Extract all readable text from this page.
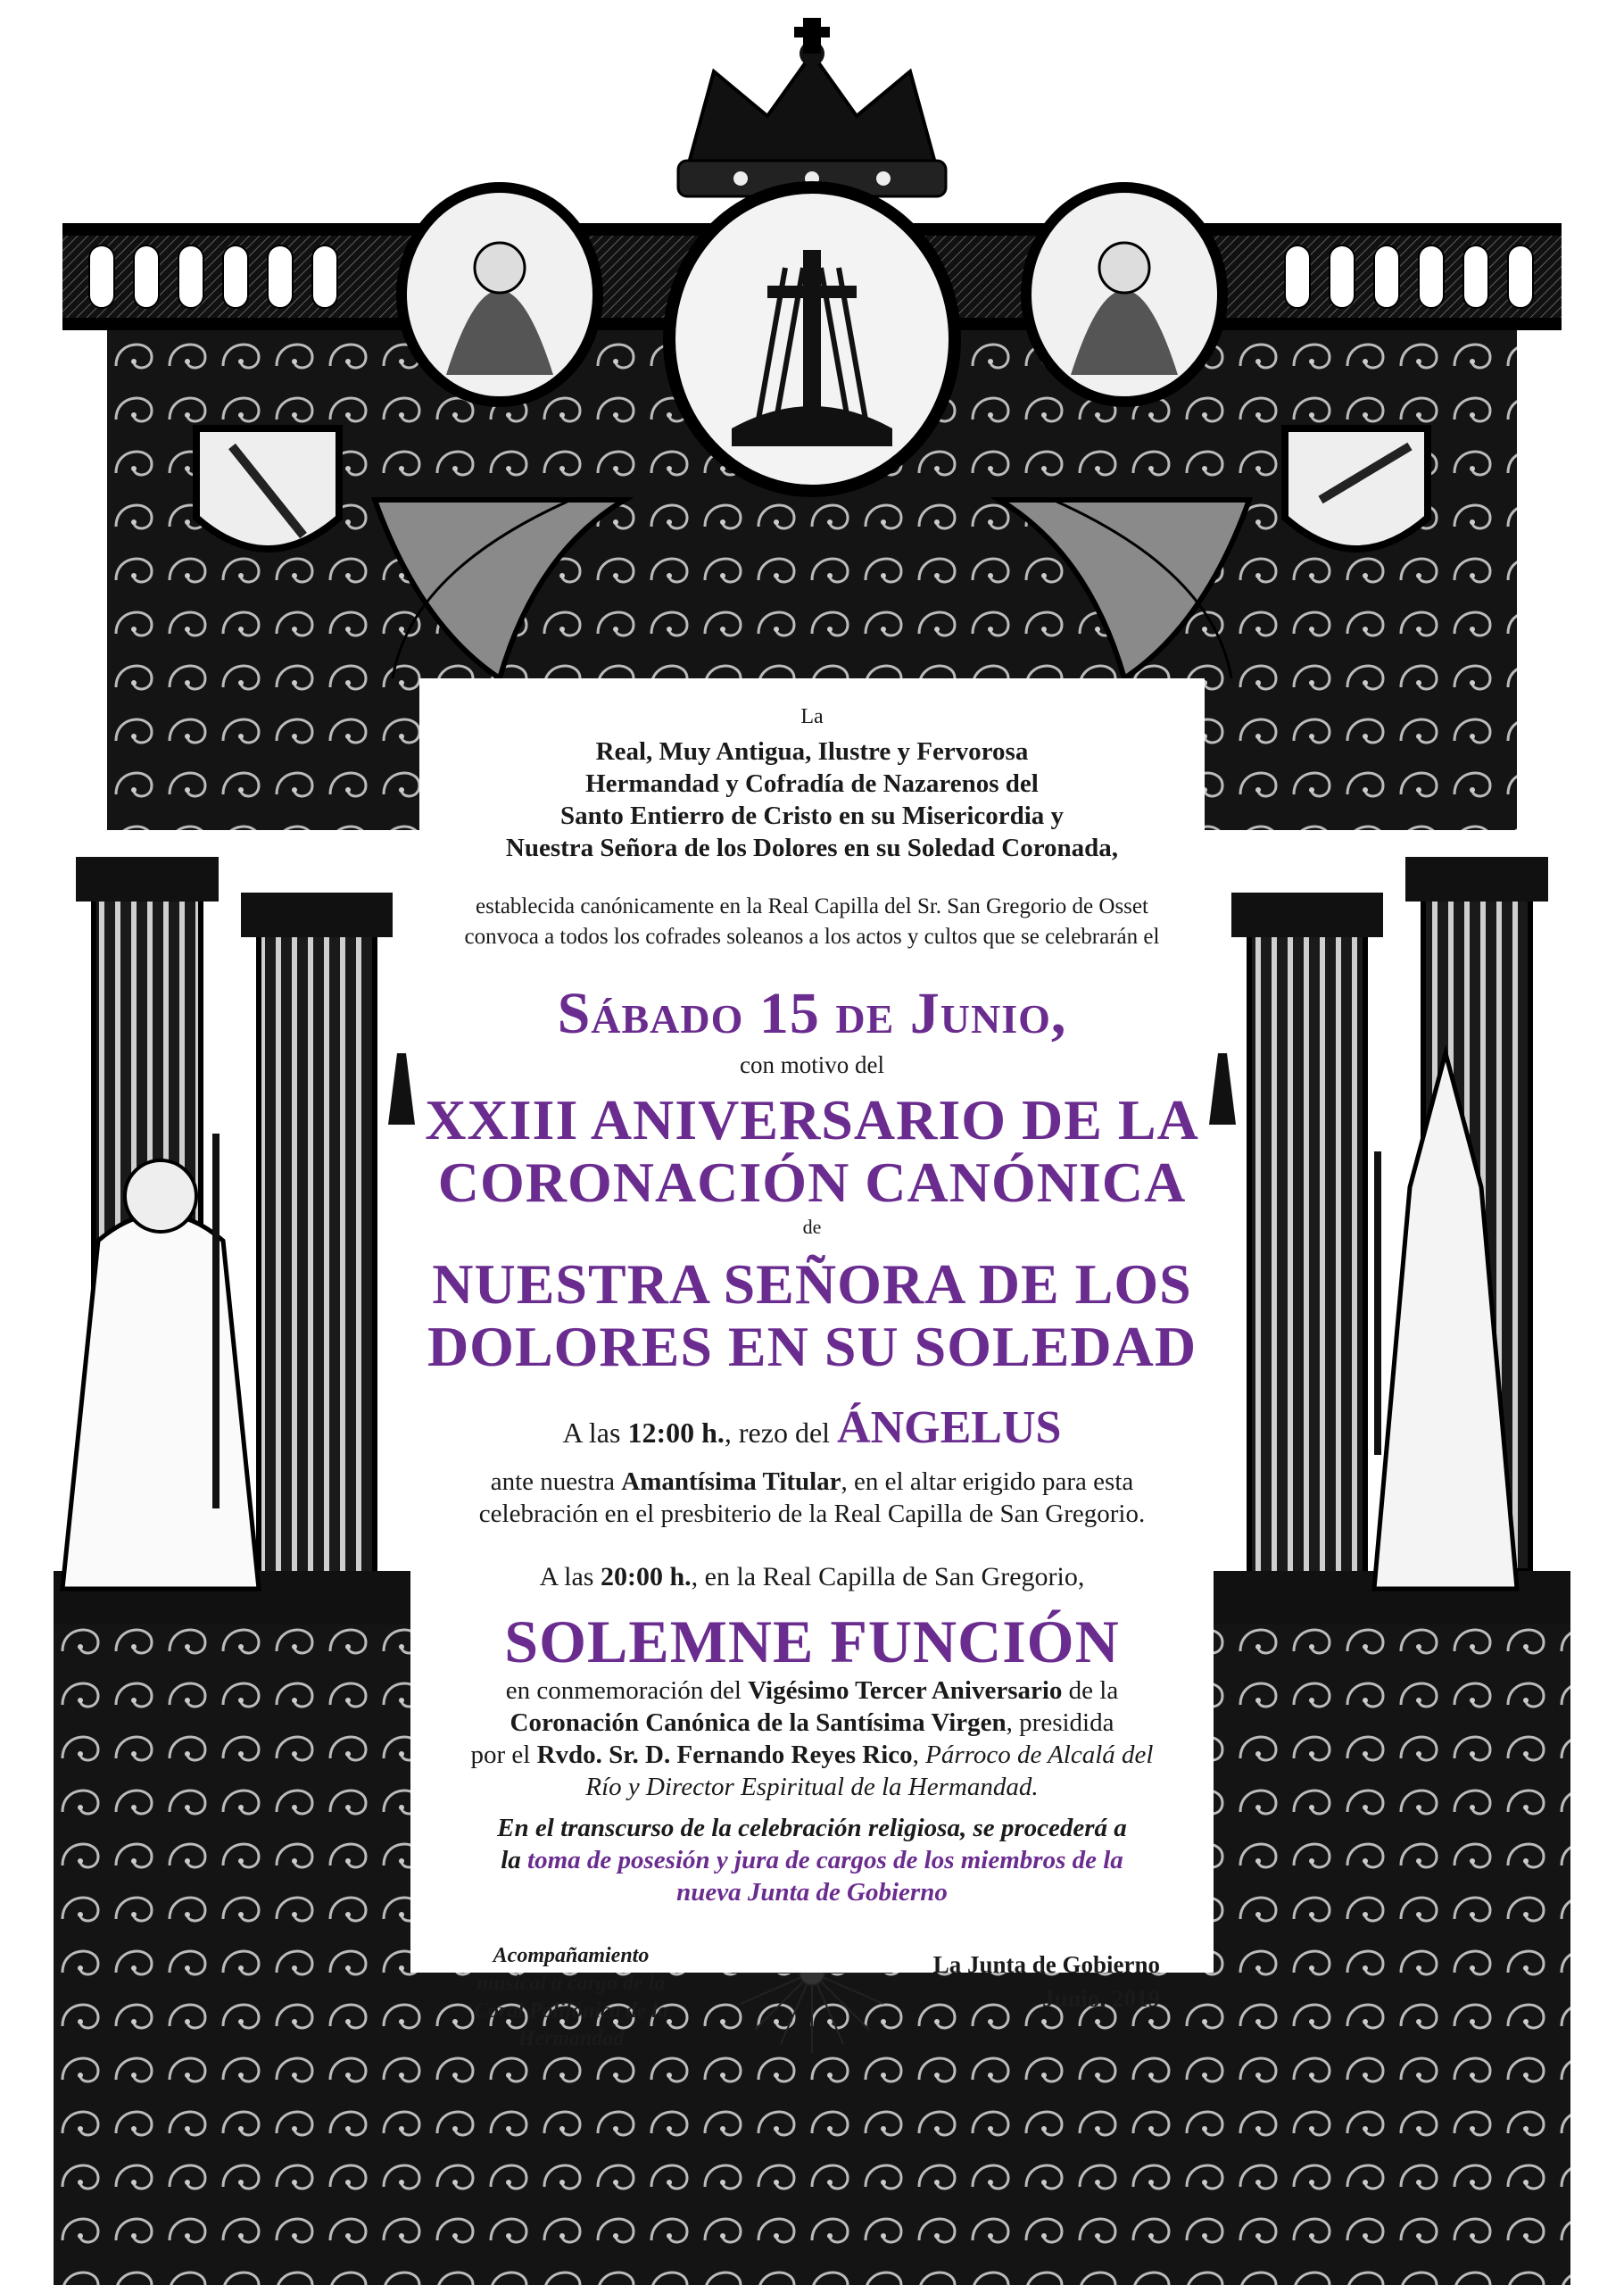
La
Real, Muy Antigua, Ilustre y Fervorosa
Hermandad y Cofradía de Nazarenos del
Santo Entierro de Cristo en su Misericordia y
Nuestra Señora de los Dolores en su Soledad Coronada,
establecida canónicamente en la Real Capilla del Sr. San Gregorio de Osset
convoca a todos los cofrades soleanos a los actos y cultos que se celebrarán el
Sábado 15 de Junio,
con motivo del
XXIII ANIVERSARIO DE LA
CORONACIÓN CANÓNICA
de
NUESTRA SEÑORA DE LOS
DOLORES EN SU SOLEDAD
A las 12:00 h., rezo del ÁNGELUS
ante nuestra Amantísima Titular, en el altar erigido para esta
celebración en el presbiterio de la Real Capilla de San Gregorio.
A las 20:00 h., en la Real Capilla de San Gregorio,
SOLEMNE FUNCIÓN
en conmemoración del Vigésimo Tercer Aniversario de la
Coronación Canónica de la Santísima Virgen, presidida
por el Rvdo. Sr. D. Fernando Reyes Rico, Párroco de Alcalá del
Río y Director Espiritual de la Hermandad.
En el transcurso de la celebración religiosa, se procederá a
la toma de posesión y jura de cargos de los miembros de la
nueva Junta de Gobierno
Acompañamiento
musical a cargo de la
Coral Polifónica de la
Hermandad
La Junta de Gobierno
Junio, 2019
